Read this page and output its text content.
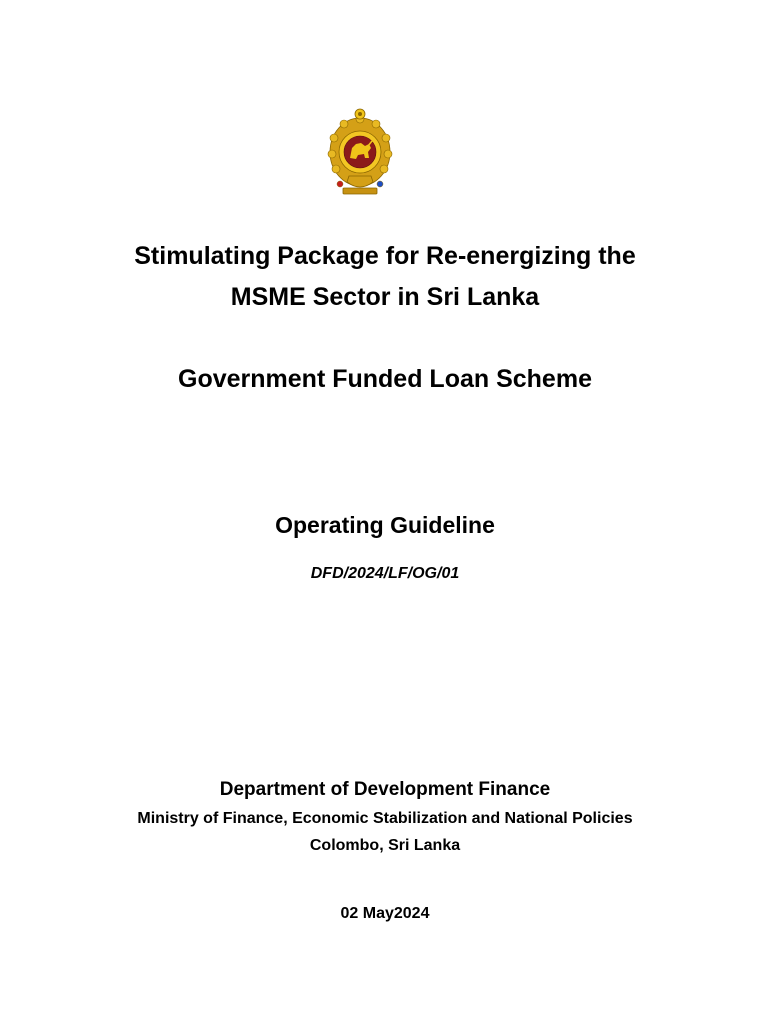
Stimulating Package for Re-energizing the

MSME Sector in Sri Lanka

Government Funded Loan Scheme

Operating Guideline

DFD/2024/LF/OG/01

Department of Development Finance

Ministry of Finance, Economic Stabilization and National Policies

Colombo, Sri Lanka

02 May2024
